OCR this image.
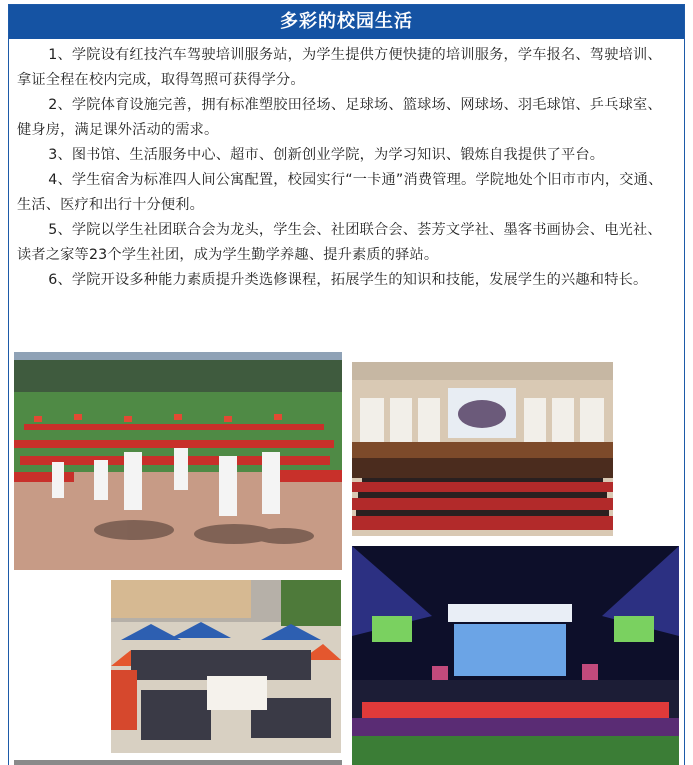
多彩的校园生活

1、学院设有红技汽车驾驶培训服务站，为学生提供方便快捷的培训服务，学车报名、驾驶培训、拿证全程在校内完成，取得驾照可获得学分。

2、学院体育设施完善，拥有标准塑胶田径场、足球场、篮球场、网球场、羽毛球馆、乒乓球室、健身房，满足课外活动的需求。

3、图书馆、生活服务中心、超市、创新创业学院，为学习知识、锻炼自我提供了平台。

4、学生宿舍为标准四人间公寓配置，校园实行“一卡通”消费管理。学院地处个旧市市内，交通、生活、医疗和出行十分便利。

5、学院以学生社团联合会为龙头，学生会、社团联合会、荟芳文学社、墨客书画协会、电光社、读者之家等23个学生社团，成为学生勤学养趣、提升素质的驿站。

6、学院开设多种能力素质提升类选修课程，拓展学生的知识和技能，发展学生的兴趣和特长。
